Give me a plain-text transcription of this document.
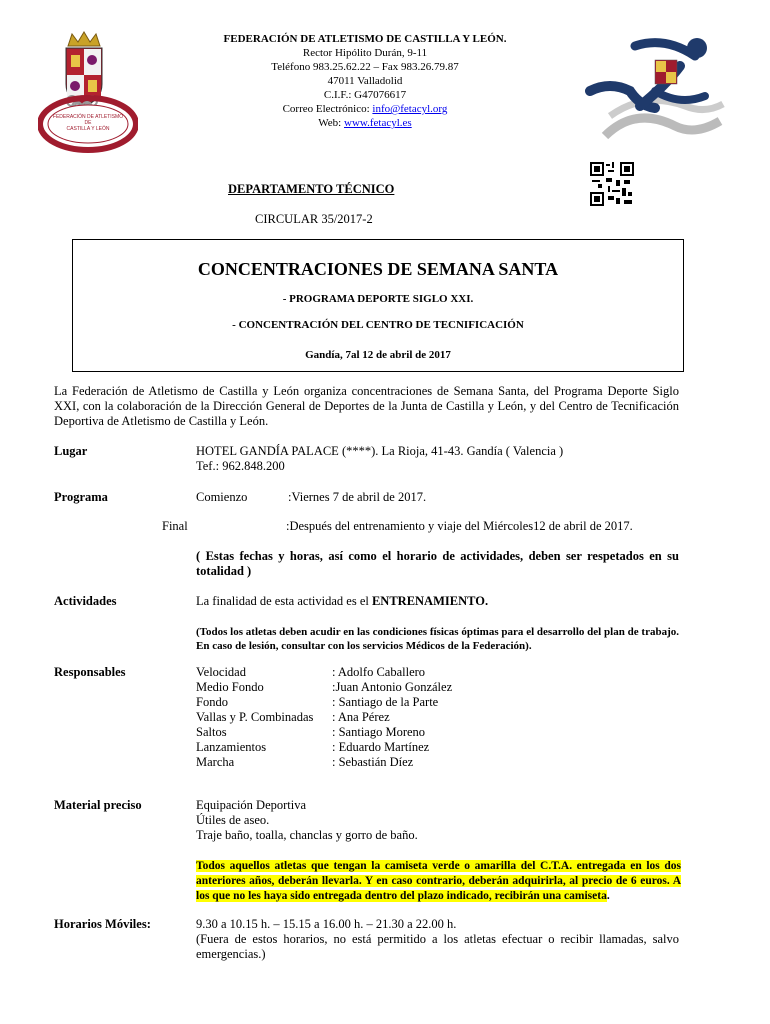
FEDERACIÓN DE ATLETISMO
DE
CASTILLA Y LEÓN
FEDERACIÓN DE ATLETISMO DE CASTILLA Y LEÓN.
Rector Hipólito Durán, 9-11
Teléfono 983.25.62.22 – Fax 983.26.79.87
47011 Valladolid
C.I.F.: G47076617
Correo Electrónico: info@fetacyl.org
Web: www.fetacyl.es
DEPARTAMENTO TÉCNICO
CIRCULAR 35/2017-2
CONCENTRACIONES DE SEMANA SANTA
- PROGRAMA DEPORTE SIGLO XXI.
- CONCENTRACIÓN DEL CENTRO DE TECNIFICACIÓN
Gandía, 7al 12 de abril de 2017
La Federación de Atletismo de Castilla y León organiza concentraciones de Semana Santa, del Programa Deporte Siglo XXI, con la colaboración de la Dirección General de Deportes de la Junta de Castilla y León, y del Centro de Tecnificación Deportiva de Atletismo de Castilla y León.
Lugar	HOTEL GANDÍA PALACE (****). La Rioja, 41-43. Gandía ( Valencia )
Tef.: 962.848.200
Programa	Comienzo	:Viernes 7 de abril de 2017.
Final	:Después del entrenamiento y viaje del Miércoles12 de abril de 2017.
( Estas fechas y horas, así como el horario de actividades, deben ser respetados en su totalidad )
Actividades	La finalidad de esta actividad es el ENTRENAMIENTO.
(Todos los atletas deben acudir en las condiciones físicas óptimas para el desarrollo del plan de trabajo. En caso de lesión, consultar con los servicios Médicos de la Federación).
Responsables	Velocidad	: Adolfo Caballero
Medio Fondo	:Juan Antonio González
Fondo	: Santiago de la Parte
Vallas y P. Combinadas	: Ana Pérez
Saltos	: Santiago Moreno
Lanzamientos	: Eduardo Martínez
Marcha	: Sebastián Díez
Material preciso	Equipación Deportiva
Útiles de aseo.
Traje baño, toalla, chanclas y gorro de baño.
Todos aquellos atletas que tengan la camiseta verde o amarilla del C.T.A. entregada en los dos anteriores años, deberán llevarla. Y en caso contrario, deberán adquirirla, al precio de 6 euros. A los que no les haya sido entregada dentro del plazo indicado, recibirán una camiseta.
Horarios Móviles:	9.30 a 10.15 h. – 15.15 a 16.00 h. – 21.30 a 22.00 h.
(Fuera de estos horarios, no está permitido a los atletas efectuar o recibir llamadas, salvo emergencias.)
